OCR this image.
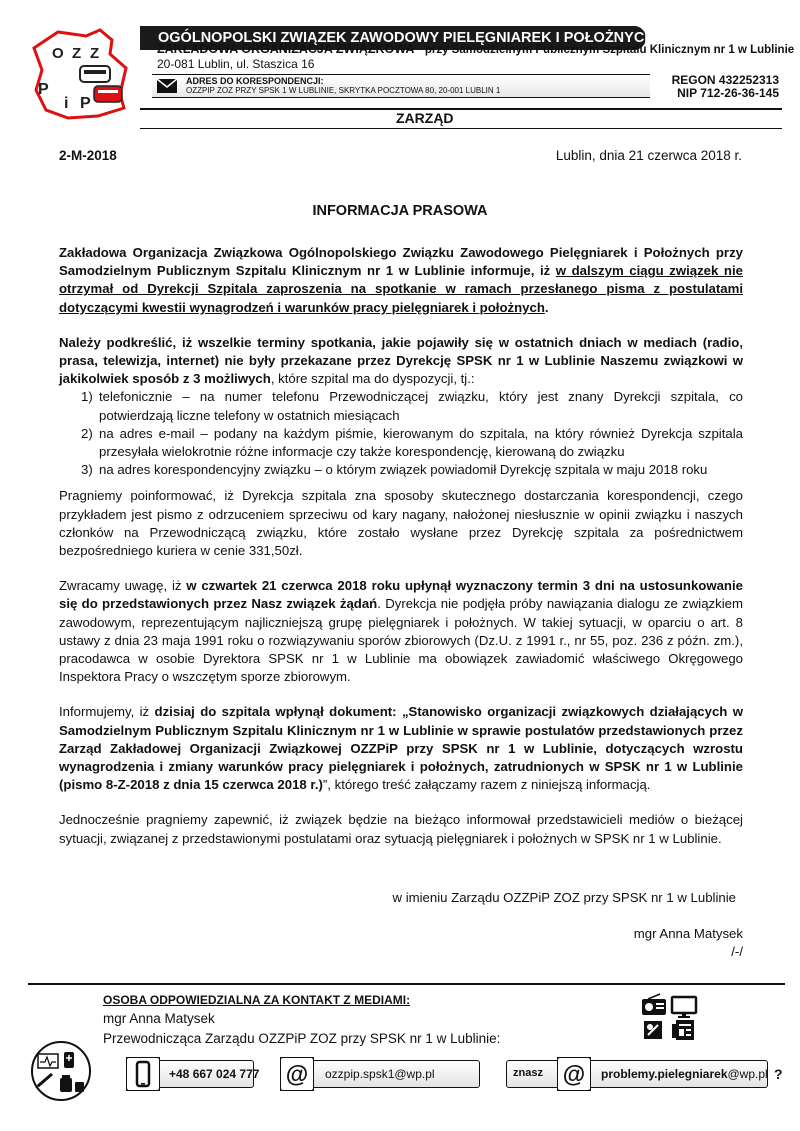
O Z Z
P
i P
OGÓLNOPOLSKI ZWIĄZEK ZAWODOWY PIELĘGNIAREK I POŁOŻNYCH
ZAKŁADOWA ORGANIZACJA ZWIĄZKOWA przy Samodzielnym Publicznym Szpitalu Klinicznym nr 1 w Lublinie
20-081 Lublin, ul. Staszica 16
ADRES DO KORESPONDENCJI:
OZZPIP ZOZ PRZY SPSK 1 W LUBLINIE, SKRYTKA POCZTOWA 80, 20-001 LUBLIN 1
REGON 432252313
NIP 712-26-36-145
ZARZĄD
2-M-2018	Lublin, dnia 21 czerwca 2018 r.
INFORMACJA PRASOWA

Zakładowa Organizacja Związkowa Ogólnopolskiego Związku Zawodowego Pielęgniarek i Położnych przy Samodzielnym Publicznym Szpitalu Klinicznym nr 1 w Lublinie informuje, iż w dalszym ciągu związek nie otrzymał od Dyrekcji Szpitala zaproszenia na spotkanie w ramach przesłanego pisma z postulatami dotyczącymi kwestii wynagrodzeń i warunków pracy pielęgniarek i położnych.

Należy podkreślić, iż wszelkie terminy spotkania, jakie pojawiły się w ostatnich dniach w mediach (radio, prasa, telewizja, internet) nie były przekazane przez Dyrekcję SPSK nr 1 w Lublinie Naszemu związkowi w jakikolwiek sposób z 3 możliwych, które szpital ma do dyspozycji, tj.:

1) telefonicznie – na numer telefonu Przewodniczącej związku, który jest znany Dyrekcji szpitala, co potwierdzają liczne telefony w ostatnich miesiącach
2) na adres e-mail – podany na każdym piśmie, kierowanym do szpitala, na który również Dyrekcja szpitala przesyłała wielokrotnie różne informacje czy także korespondencję, kierowaną do związku
3) na adres korespondencyjny związku – o którym związek powiadomił Dyrekcję szpitala w maju 2018 roku

Pragniemy poinformować, iż Dyrekcja szpitala zna sposoby skutecznego dostarczania korespondencji, czego przykładem jest pismo z odrzuceniem sprzeciwu od kary nagany, nałożonej niesłusznie w opinii związku i naszych członków na Przewodniczącą związku, które zostało wysłane przez Dyrekcję szpitala za pośrednictwem bezpośredniego kuriera w cenie 331,50zł.

Zwracamy uwagę, iż w czwartek 21 czerwca 2018 roku upłynął wyznaczony termin 3 dni na ustosunkowanie się do przedstawionych przez Nasz związek żądań. Dyrekcja nie podjęła próby nawiązania dialogu ze związkiem zawodowym, reprezentującym najliczniejszą grupę pielęgniarek i położnych. W takiej sytuacji, w oparciu o art. 8 ustawy z dnia 23 maja 1991 roku o rozwiązywaniu sporów zbiorowych (Dz.U. z 1991 r., nr 55, poz. 236 z późn. zm.), pracodawca w osobie Dyrektora SPSK nr 1 w Lublinie ma obowiązek zawiadomić właściwego Okręgowego Inspektora Pracy o wszczętym sporze zbiorowym.

Informujemy, iż dzisiaj do szpitala wpłynął dokument: „Stanowisko organizacji związkowych działających w Samodzielnym Publicznym Szpitalu Klinicznym nr 1 w Lublinie w sprawie postulatów przedstawionych przez Zarząd Zakładowej Organizacji Związkowej OZZPiP przy SPSK nr 1 w Lublinie, dotyczących wzrostu wynagrodzenia i zmiany warunków pracy pielęgniarek i położnych, zatrudnionych w SPSK nr 1 w Lublinie (pismo 8-Z-2018 z dnia 15 czerwca 2018 r.)”, którego treść załączamy razem z niniejszą informacją.

Jednocześnie pragniemy zapewnić, iż związek będzie na bieżąco informował przedstawicieli mediów o bieżącej sytuacji, związanej z przedstawionymi postulatami oraz sytuacją pielęgniarek i położnych w SPSK nr 1 w Lublinie.

w imieniu Zarządu OZZPiP ZOZ przy SPSK nr 1 w Lublinie
mgr Anna Matysek
/-/
OSOBA ODPOWIEDZIALNA ZA KONTAKT Z MEDIAMI:
mgr Anna Matysek
Przewodnicząca Zarządu OZZPiP ZOZ przy SPSK nr 1 w Lublinie:
+48 667 024 777 @ ozzpip.spsk1@wp.pl	znasz @ problemy.pielegniarek@wp.pl ?
